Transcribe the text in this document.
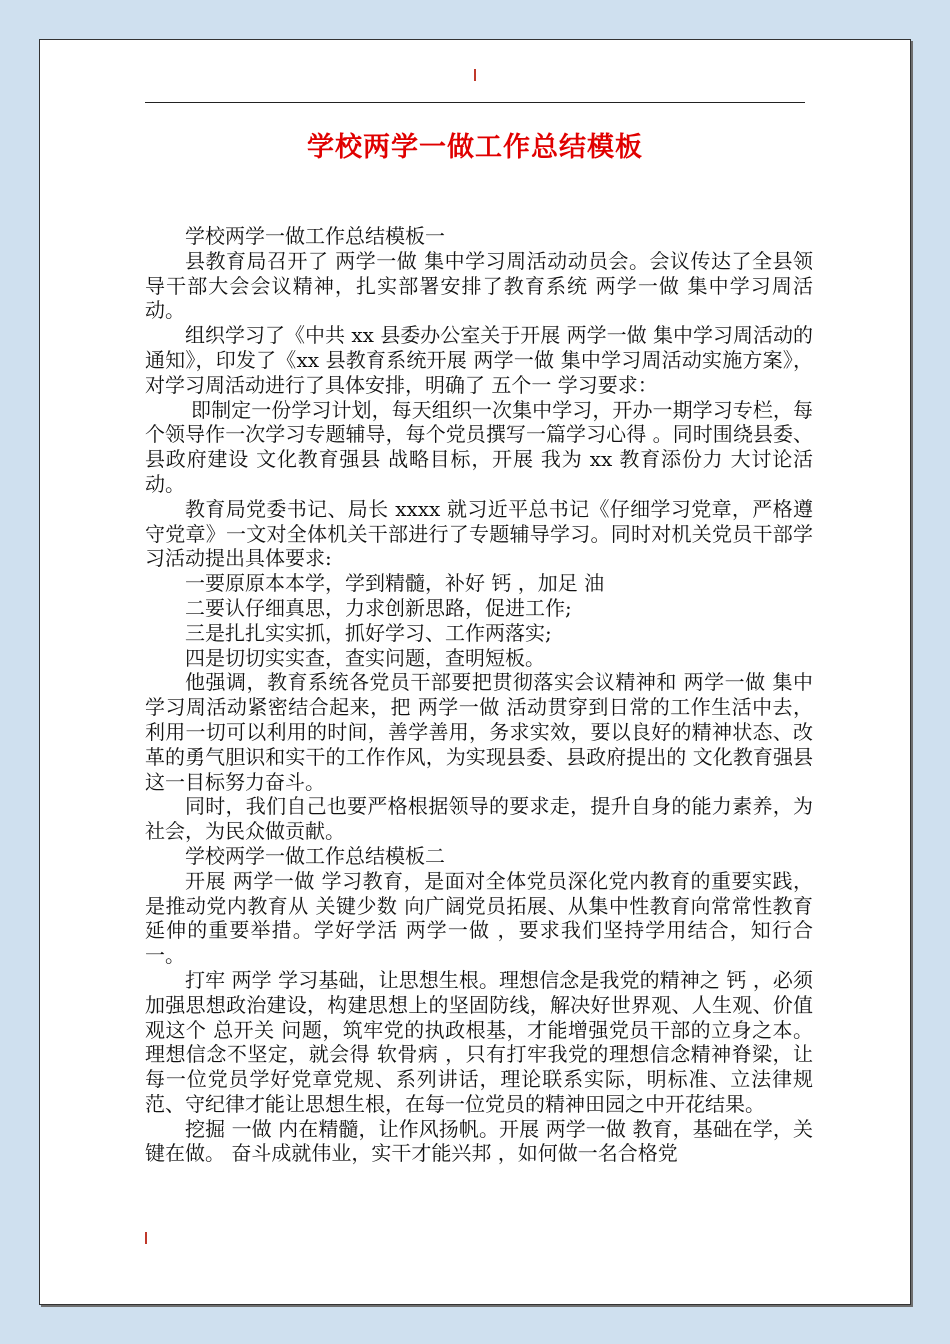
学校两学一做工作总结模板

学校两学一做工作总结模板一

县教育局召开了 两学一做 集中学习周活动动员会。会议传达了全县领导干部大会会议精神，扎实部署安排了教育系统 两学一做 集中学习周活动。

组织学习了《中共 xx 县委办公室关于开展 两学一做 集中学习周活动的通知》，印发了《xx 县教育系统开展 两学一做 集中学习周活动实施方案》，对学习周活动进行了具体安排，明确了 五个一 学习要求：

即制定一份学习计划，每天组织一次集中学习，开办一期学习专栏，每个领导作一次学习专题辅导，每个党员撰写一篇学习心得 。同时围绕县委、县政府建设 文化教育强县 战略目标，开展 我为 xx 教育添份力 大讨论活动。

教育局党委书记、局长 xxxx 就习近平总书记《仔细学习党章，严格遵守党章》一文对全体机关干部进行了专题辅导学习。同时对机关党员干部学习活动提出具体要求:

一要原原本本学，学到精髓，补好 钙 ，加足 油

二要认仔细真思，力求创新思路，促进工作;

三是扎扎实实抓，抓好学习、工作两落实;

四是切切实实查，查实问题，查明短板。

他强调，教育系统各党员干部要把贯彻落实会议精神和 两学一做 集中学习周活动紧密结合起来，把 两学一做 活动贯穿到日常的工作生活中去，利用一切可以利用的时间，善学善用，务求实效，要以良好的精神状态、改革的勇气胆识和实干的工作作风，为实现县委、县政府提出的 文化教育强县 这一目标努力奋斗。

同时，我们自己也要严格根据领导的要求走，提升自身的能力素养，为社会，为民众做贡献。

学校两学一做工作总结模板二

开展 两学一做 学习教育，是面对全体党员深化党内教育的重要实践，是推动党内教育从 关键少数 向广阔党员拓展、从集中性教育向常常性教育延伸的重要举措。学好学活 两学一做 ，要求我们坚持学用结合，知行合一。

打牢 两学 学习基础，让思想生根。理想信念是我党的精神之 钙 ，必须加强思想政治建设，构建思想上的坚固防线，解决好世界观、人生观、价值观这个 总开关 问题，筑牢党的执政根基，才能增强党员干部的立身之本。理想信念不坚定，就会得 软骨病 ，只有打牢我党的理想信念精神脊梁，让每一位党员学好党章党规、系列讲话，理论联系实际，明标准、立法律规范、守纪律才能让思想生根，在每一位党员的精神田园之中开花结果。

挖掘 一做 内在精髓，让作风扬帆。开展 两学一做 教育，基础在学，关键在做。 奋斗成就伟业，实干才能兴邦 ，如何做一名合格党
